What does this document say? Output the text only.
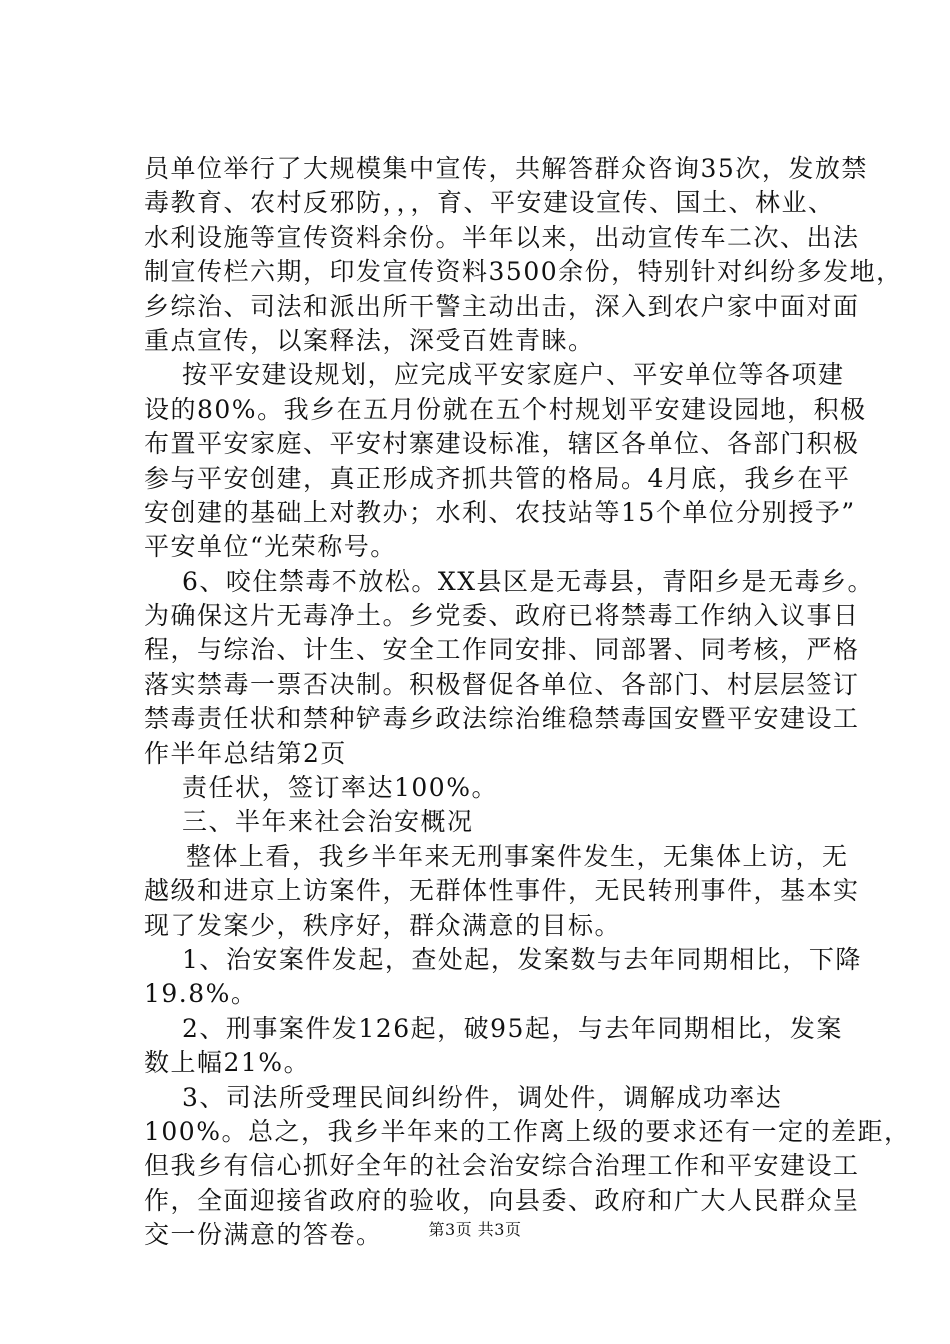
员单位举行了大规模集中宣传，共解答群众咨询35次，发放禁
毒教育、农村反邪防，，，育、平安建设宣传、国土、林业、
水利设施等宣传资料余份。半年以来，出动宣传车二次、出法
制宣传栏六期，印发宣传资料3500余份，特别针对纠纷多发地，
乡综治、司法和派出所干警主动出击，深入到农户家中面对面
重点宣传，以案释法，深受百姓青睐。
按平安建设规划，应完成平安家庭户、平安单位等各项建
设的80%。我乡在五月份就在五个村规划平安建设园地，积极
布置平安家庭、平安村寨建设标准，辖区各单位、各部门积极
参与平安创建，真正形成齐抓共管的格局。4月底，我乡在平
安创建的基础上对教办；水利、农技站等15个单位分别授予”
平安单位“光荣称号。
6、咬住禁毒不放松。XX县区是无毒县，青阳乡是无毒乡。
为确保这片无毒净土。乡党委、政府已将禁毒工作纳入议事日
程，与综治、计生、安全工作同安排、同部署、同考核，严格
落实禁毒一票否决制。积极督促各单位、各部门、村层层签订
禁毒责任状和禁种铲毒乡政法综治维稳禁毒国安暨平安建设工
作半年总结第2页
责任状，签订率达100%。
三、半年来社会治安概况
整体上看，我乡半年来无刑事案件发生，无集体上访，无
越级和进京上访案件，无群体性事件，无民转刑事件，基本实
现了发案少，秩序好，群众满意的目标。
1、治安案件发起，查处起，发案数与去年同期相比，下降
19.8%。
2、刑事案件发126起，破95起，与去年同期相比，发案
数上幅21%。
3、司法所受理民间纠纷件，调处件，调解成功率达
100%。总之，我乡半年来的工作离上级的要求还有一定的差距，
但我乡有信心抓好全年的社会治安综合治理工作和平安建设工
作，全面迎接省政府的验收，向县委、政府和广大人民群众呈
交一份满意的答卷。	第3页 共3页
